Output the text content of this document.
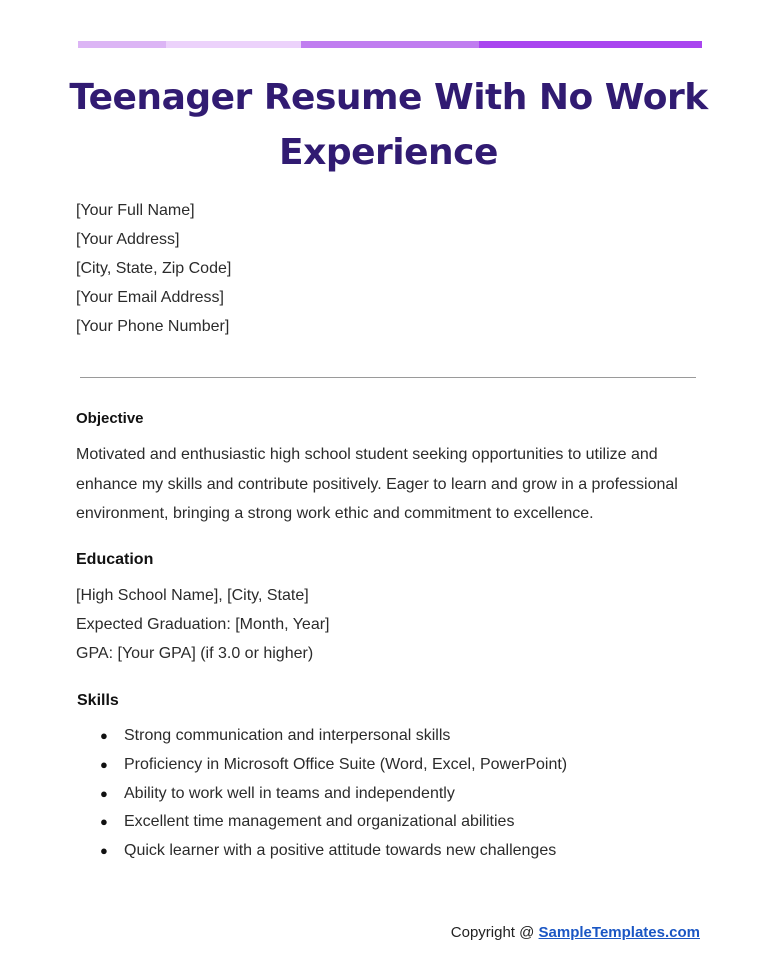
Teenager Resume With No Work Experience
[Your Full Name]
[Your Address]
[City, State, Zip Code]
[Your Email Address]
[Your Phone Number]
Objective

Motivated and enthusiastic high school student seeking opportunities to utilize and enhance my skills and contribute positively. Eager to learn and grow in a professional environment, bringing a strong work ethic and commitment to excellence.

Education
[High School Name], [City, State]
Expected Graduation: [Month, Year]
GPA: [Your GPA] (if 3.0 or higher)
Skills
● Strong communication and interpersonal skills
● Proficiency in Microsoft Office Suite (Word, Excel, PowerPoint)
● Ability to work well in teams and independently
● Excellent time management and organizational abilities
● Quick learner with a positive attitude towards new challenges
Copyright @ SampleTemplates.com
